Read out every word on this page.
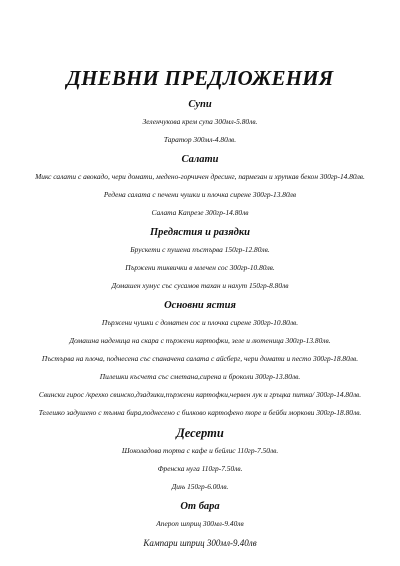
ДНЕВНИ ПРЕДЛОЖЕНИЯ
Супи
Зеленчукова крем супа 300мл-5.80лв.
Таратор 300мл-4.80лв.
Салати
Микс салати с авокадо, чери домати, медено-горчичен дресинг, пармезан и хрупкав бекон 300гр-14.80лв.
Редена салата с печени чушки и плочка сирене 300гр-13.80лв
Салата Капрезе 300гр-14.80лв
Предястия и разядки
Брускети с пушена пъстърва 150гр-12.80лв.
Пържени тиквички в млечен сос 300гр-10.80лв.
Домашен хумус със сусамов тахан и нахут 150гр-8.80лв
Основни ястия
Пържени чушки с доматен сос и плочка сирене 300гр-10.80лв.
Домашна наденица на скара с пържени картофки, зеле и лютеница 300гр-13.80лв.
Пъстърва на плоча, поднесена със спаначена салата с айсберг, чери домати и песто 300гр-18.80лв.
Пилешки късчета със сметана,сирена и броколи 300гр-13.80лв.
Свински гирос /крехко свинско,дзадзики,пържени картофки,червен лук и гръцка питка/ 300гр-14.80лв.
Телешко задушено с тъмна бира,поднесено с билково картофено пюре и бейби моркови 300гр-18.80лв.
Десерти
Шоколадова торта с кафе и бейлис 110гр-7.50лв.
Френска нуга 110гр-7.50лв.
Дињ 150гр-6.00лв.
От бара
Апероп шприц 300мл-9.40лв
Кампари шприц 300мл-9.40лв
